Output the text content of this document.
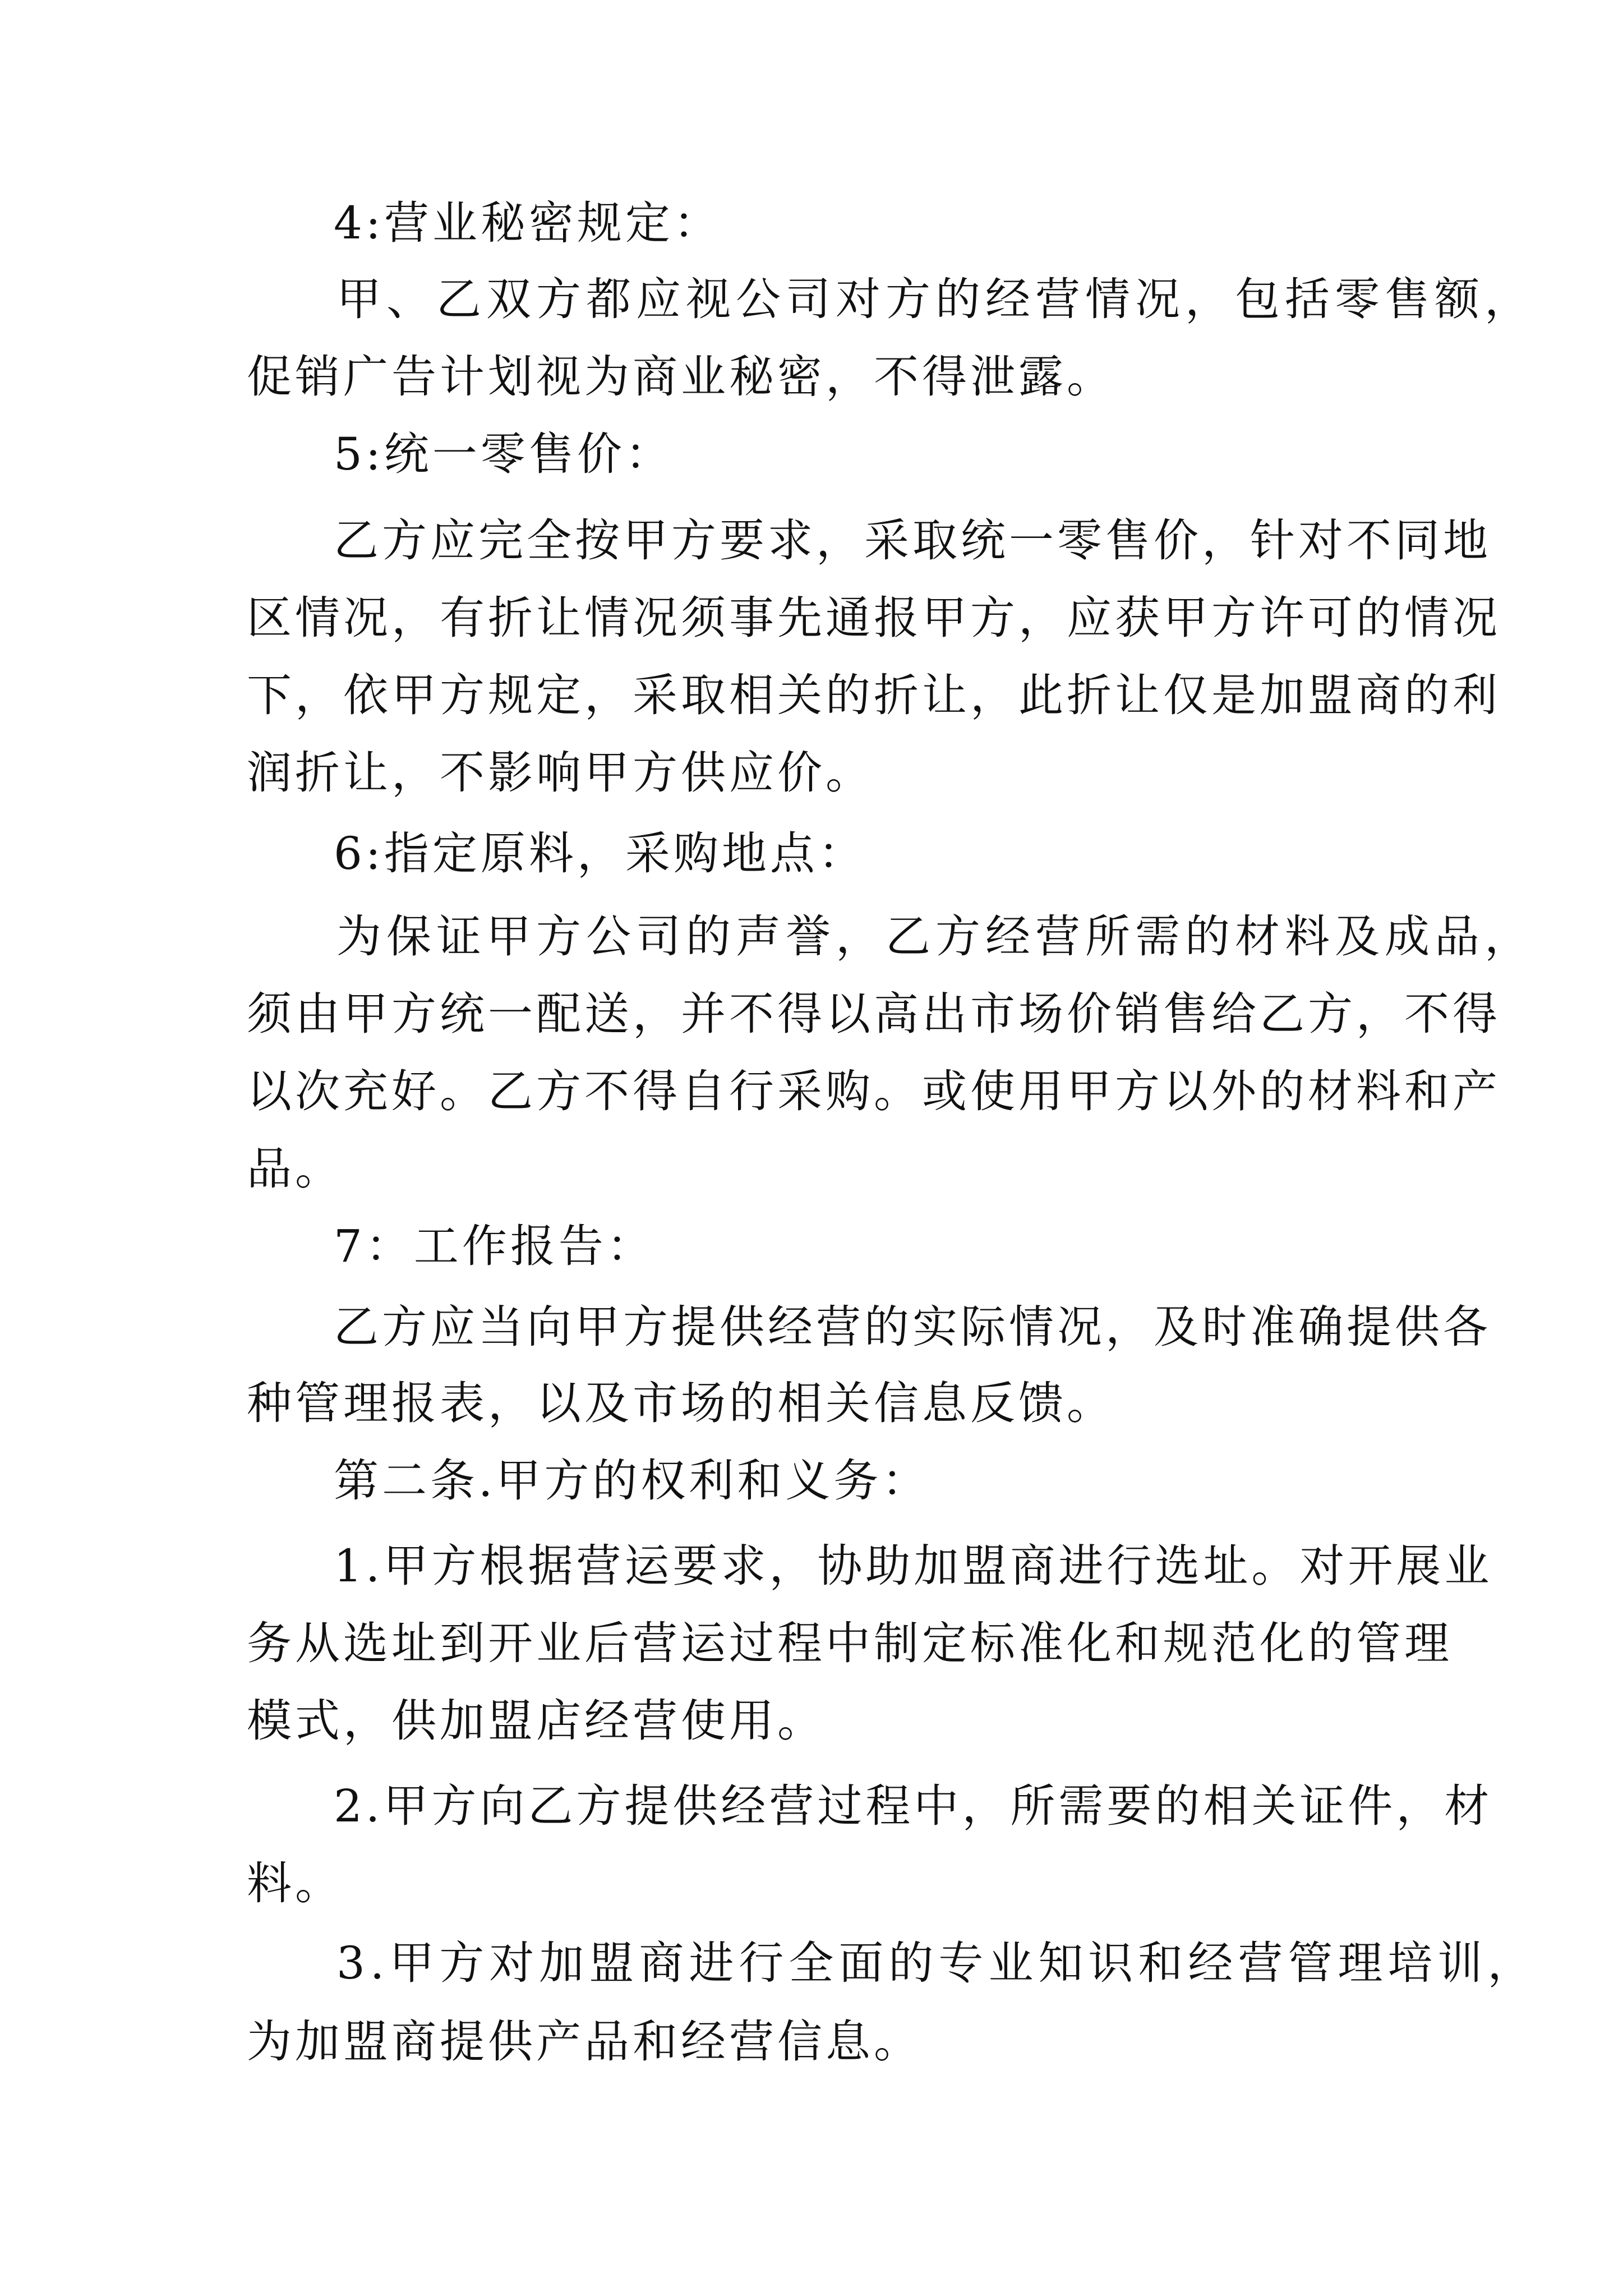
4:营业秘密规定：

甲、乙双方都应视公司对方的经营情况，包括零售额，

促销广告计划视为商业秘密，不得泄露。

5:统一零售价：

乙方应完全按甲方要求，采取统一零售价，针对不同地

区情况，有折让情况须事先通报甲方，应获甲方许可的情况

下，依甲方规定，采取相关的折让，此折让仅是加盟商的利

润折让，不影响甲方供应价。

6:指定原料，采购地点：

为保证甲方公司的声誉，乙方经营所需的材料及成品，

须由甲方统一配送，并不得以高出市场价销售给乙方，不得

以次充好。乙方不得自行采购。或使用甲方以外的材料和产

品。

7：工作报告：

乙方应当向甲方提供经营的实际情况，及时准确提供各

种管理报表，以及市场的相关信息反馈。

第二条.甲方的权利和义务：

1.甲方根据营运要求，协助加盟商进行选址。对开展业

务从选址到开业后营运过程中制定标准化和规范化的管理

模式，供加盟店经营使用。

2.甲方向乙方提供经营过程中，所需要的相关证件，材

料。

3.甲方对加盟商进行全面的专业知识和经营管理培训，

为加盟商提供产品和经营信息。
